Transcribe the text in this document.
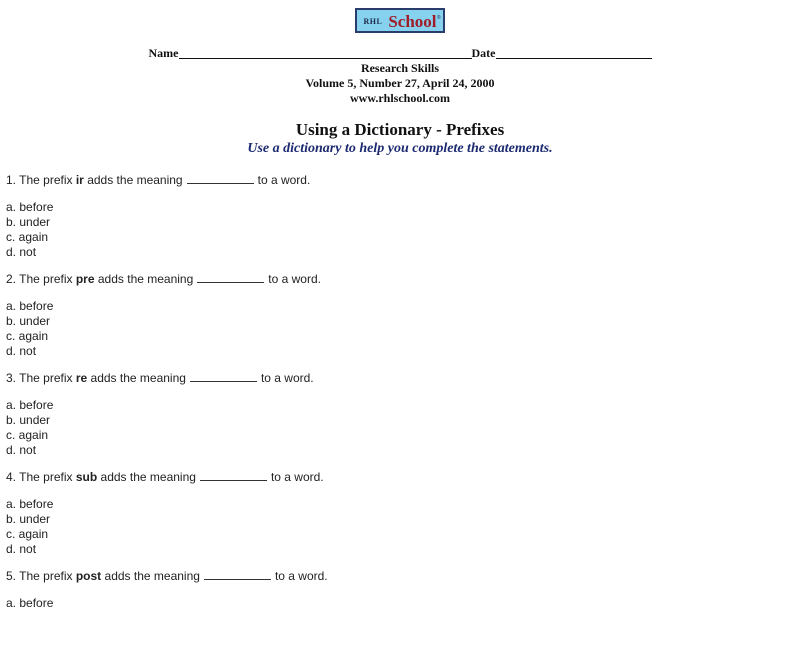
RHL School ®
Name	Date
Research Skills
Volume 5, Number 27, April 24, 2000
www.rhlschool.com
Using a Dictionary - Prefixes
Use a dictionary to help you complete the statements.
1. The prefix ir adds the meaning	to a word.
a. before
b. under
c. again
d. not
2. The prefix pre adds the meaning	to a word.
a. before
b. under
c. again
d. not
3. The prefix re adds the meaning	to a word.
a. before
b. under
c. again
d. not
4. The prefix sub adds the meaning	to a word.
a. before
b. under
c. again
d. not
5. The prefix post adds the meaning	to a word.
a. before
